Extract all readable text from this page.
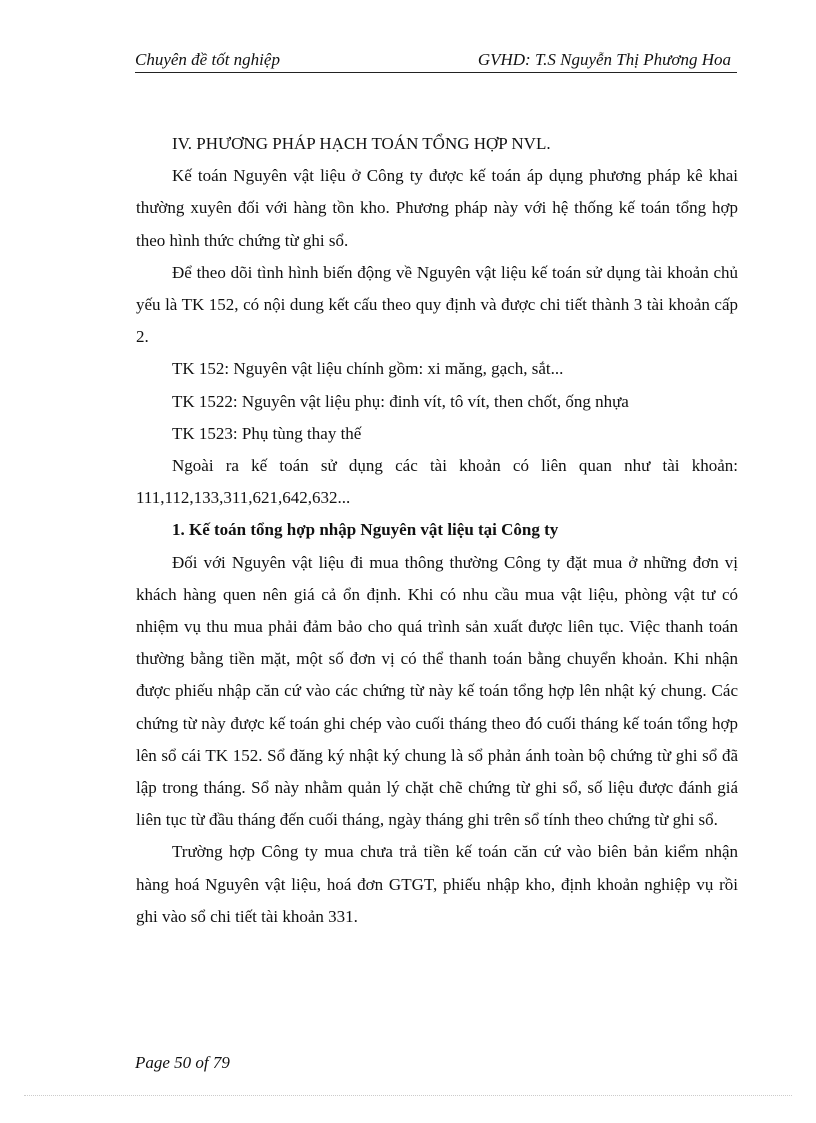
Chuyên đề tốt nghiệp	GVHD: T.S Nguyễn Thị Phương Hoa

IV. PHƯƠNG PHÁP HẠCH TOÁN TỔNG HỢP NVL.

Kế toán Nguyên vật liệu ở Công ty được kế toán áp dụng phương pháp kê khai thường xuyên đối với hàng tồn kho. Phương pháp này với hệ thống kế toán tổng hợp theo hình thức chứng từ ghi sổ.

Để theo dõi tình hình biến động về Nguyên vật liệu kế toán sử dụng tài khoản chủ yếu là TK 152, có nội dung kết cấu theo quy định và được chi tiết thành 3 tài khoản cấp 2.

TK 152: Nguyên vật liệu chính gồm: xi măng, gạch, sắt...

TK 1522: Nguyên vật liệu phụ: đinh vít, tô vít, then chốt, ống nhựa

TK 1523: Phụ tùng thay thế

Ngoài ra kế toán sử dụng các tài khoản có liên quan như tài khoản: 111,112,133,311,621,642,632...

1. Kế toán tổng hợp nhập Nguyên vật liệu tại Công ty

Đối với Nguyên vật liệu đi mua thông thường Công ty đặt mua ở những đơn vị khách hàng quen nên giá cả ổn định. Khi có nhu cầu mua vật liệu, phòng vật tư có nhiệm vụ thu mua phải đảm bảo cho quá trình sản xuất được liên tục. Việc thanh toán thường bằng tiền mặt, một số đơn vị có thể thanh toán bằng chuyển khoản. Khi nhận được phiếu nhập căn cứ vào các chứng từ này kế toán tổng hợp lên nhật ký chung. Các chứng từ này được kế toán ghi chép vào cuối tháng theo đó cuối tháng kế toán tổng hợp lên sổ cái TK 152. Sổ đăng ký nhật ký chung là sổ phản ánh toàn bộ chứng từ ghi sổ đã lập trong tháng. Sổ này nhằm quản lý chặt chẽ chứng từ ghi sổ, số liệu được đánh giá liên tục từ đầu tháng đến cuối tháng, ngày tháng ghi trên sổ tính theo chứng từ ghi sổ.

Trường hợp Công ty mua chưa trả tiền kế toán căn cứ vào biên bản kiểm nhận hàng hoá Nguyên vật liệu, hoá đơn GTGT, phiếu nhập kho, định khoản nghiệp vụ rồi ghi vào sổ chi tiết tài khoản 331.

Page 50 of 79
